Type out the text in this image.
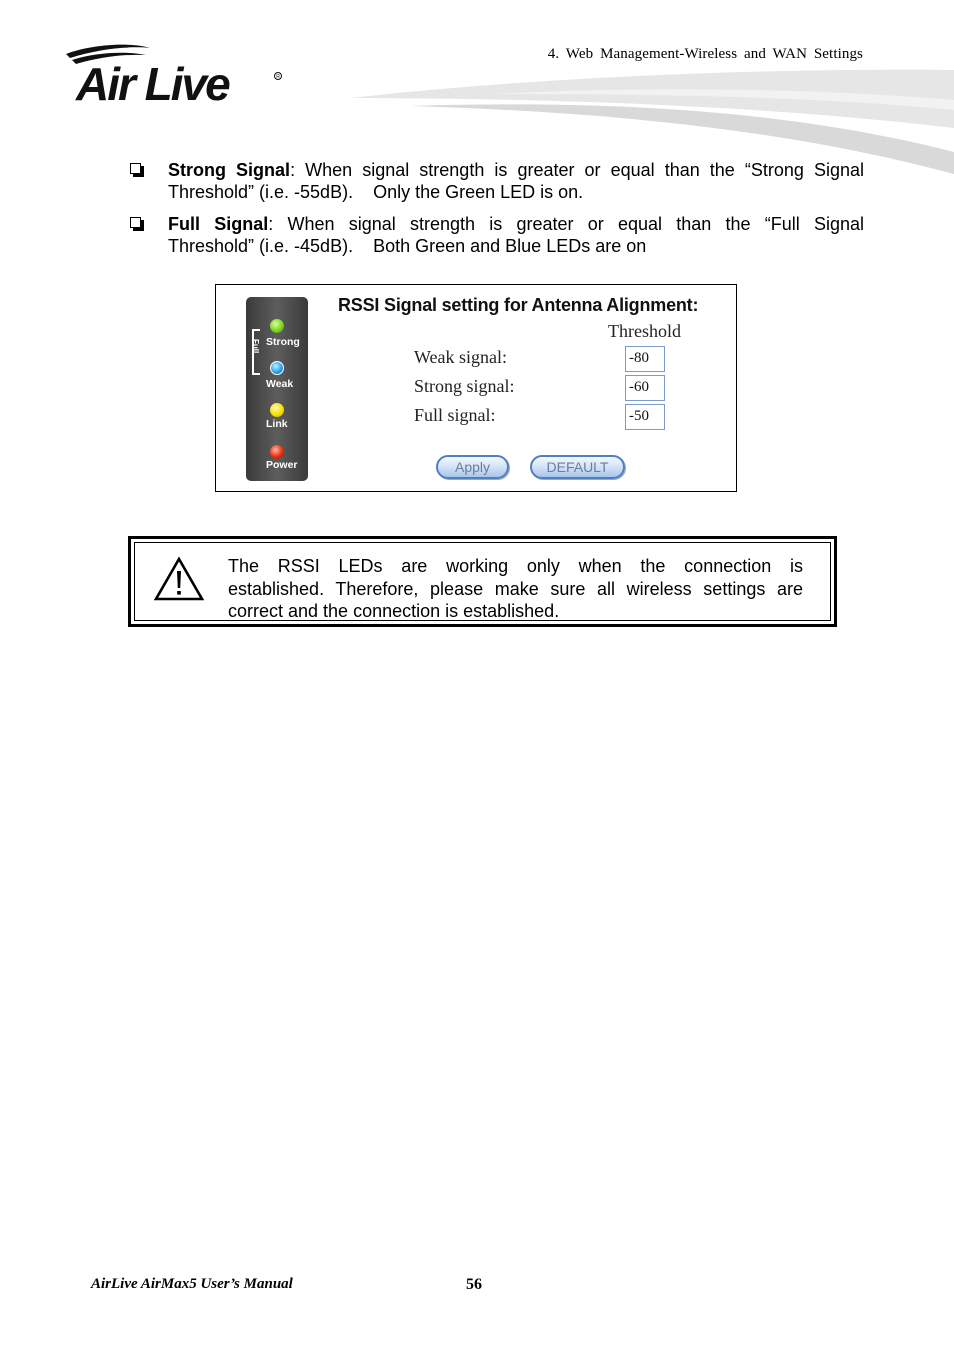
Air Live	R
4. Web Management-Wireless and WAN Settings
Strong Signal: When signal strength is greater or equal than the “Strong Signal
Threshold” (i.e. -55dB).    Only the Green LED is on.
Full Signal: When signal strength is greater or equal than the “Full Signal
Threshold” (i.e. -45dB).    Both Green and Blue LEDs are on
Full Strong
Weak
Link
Power
RSSI Signal setting for Antenna Alignment:
Threshold
Weak signal:	-80
Strong signal:	-60
Full signal:	-50
Apply	DEFAULT
The RSSI LEDs are working only when the connection is
established. Therefore, please make sure all wireless settings are correct and the connection is established.
AirLive AirMax5 User’s Manual	56
